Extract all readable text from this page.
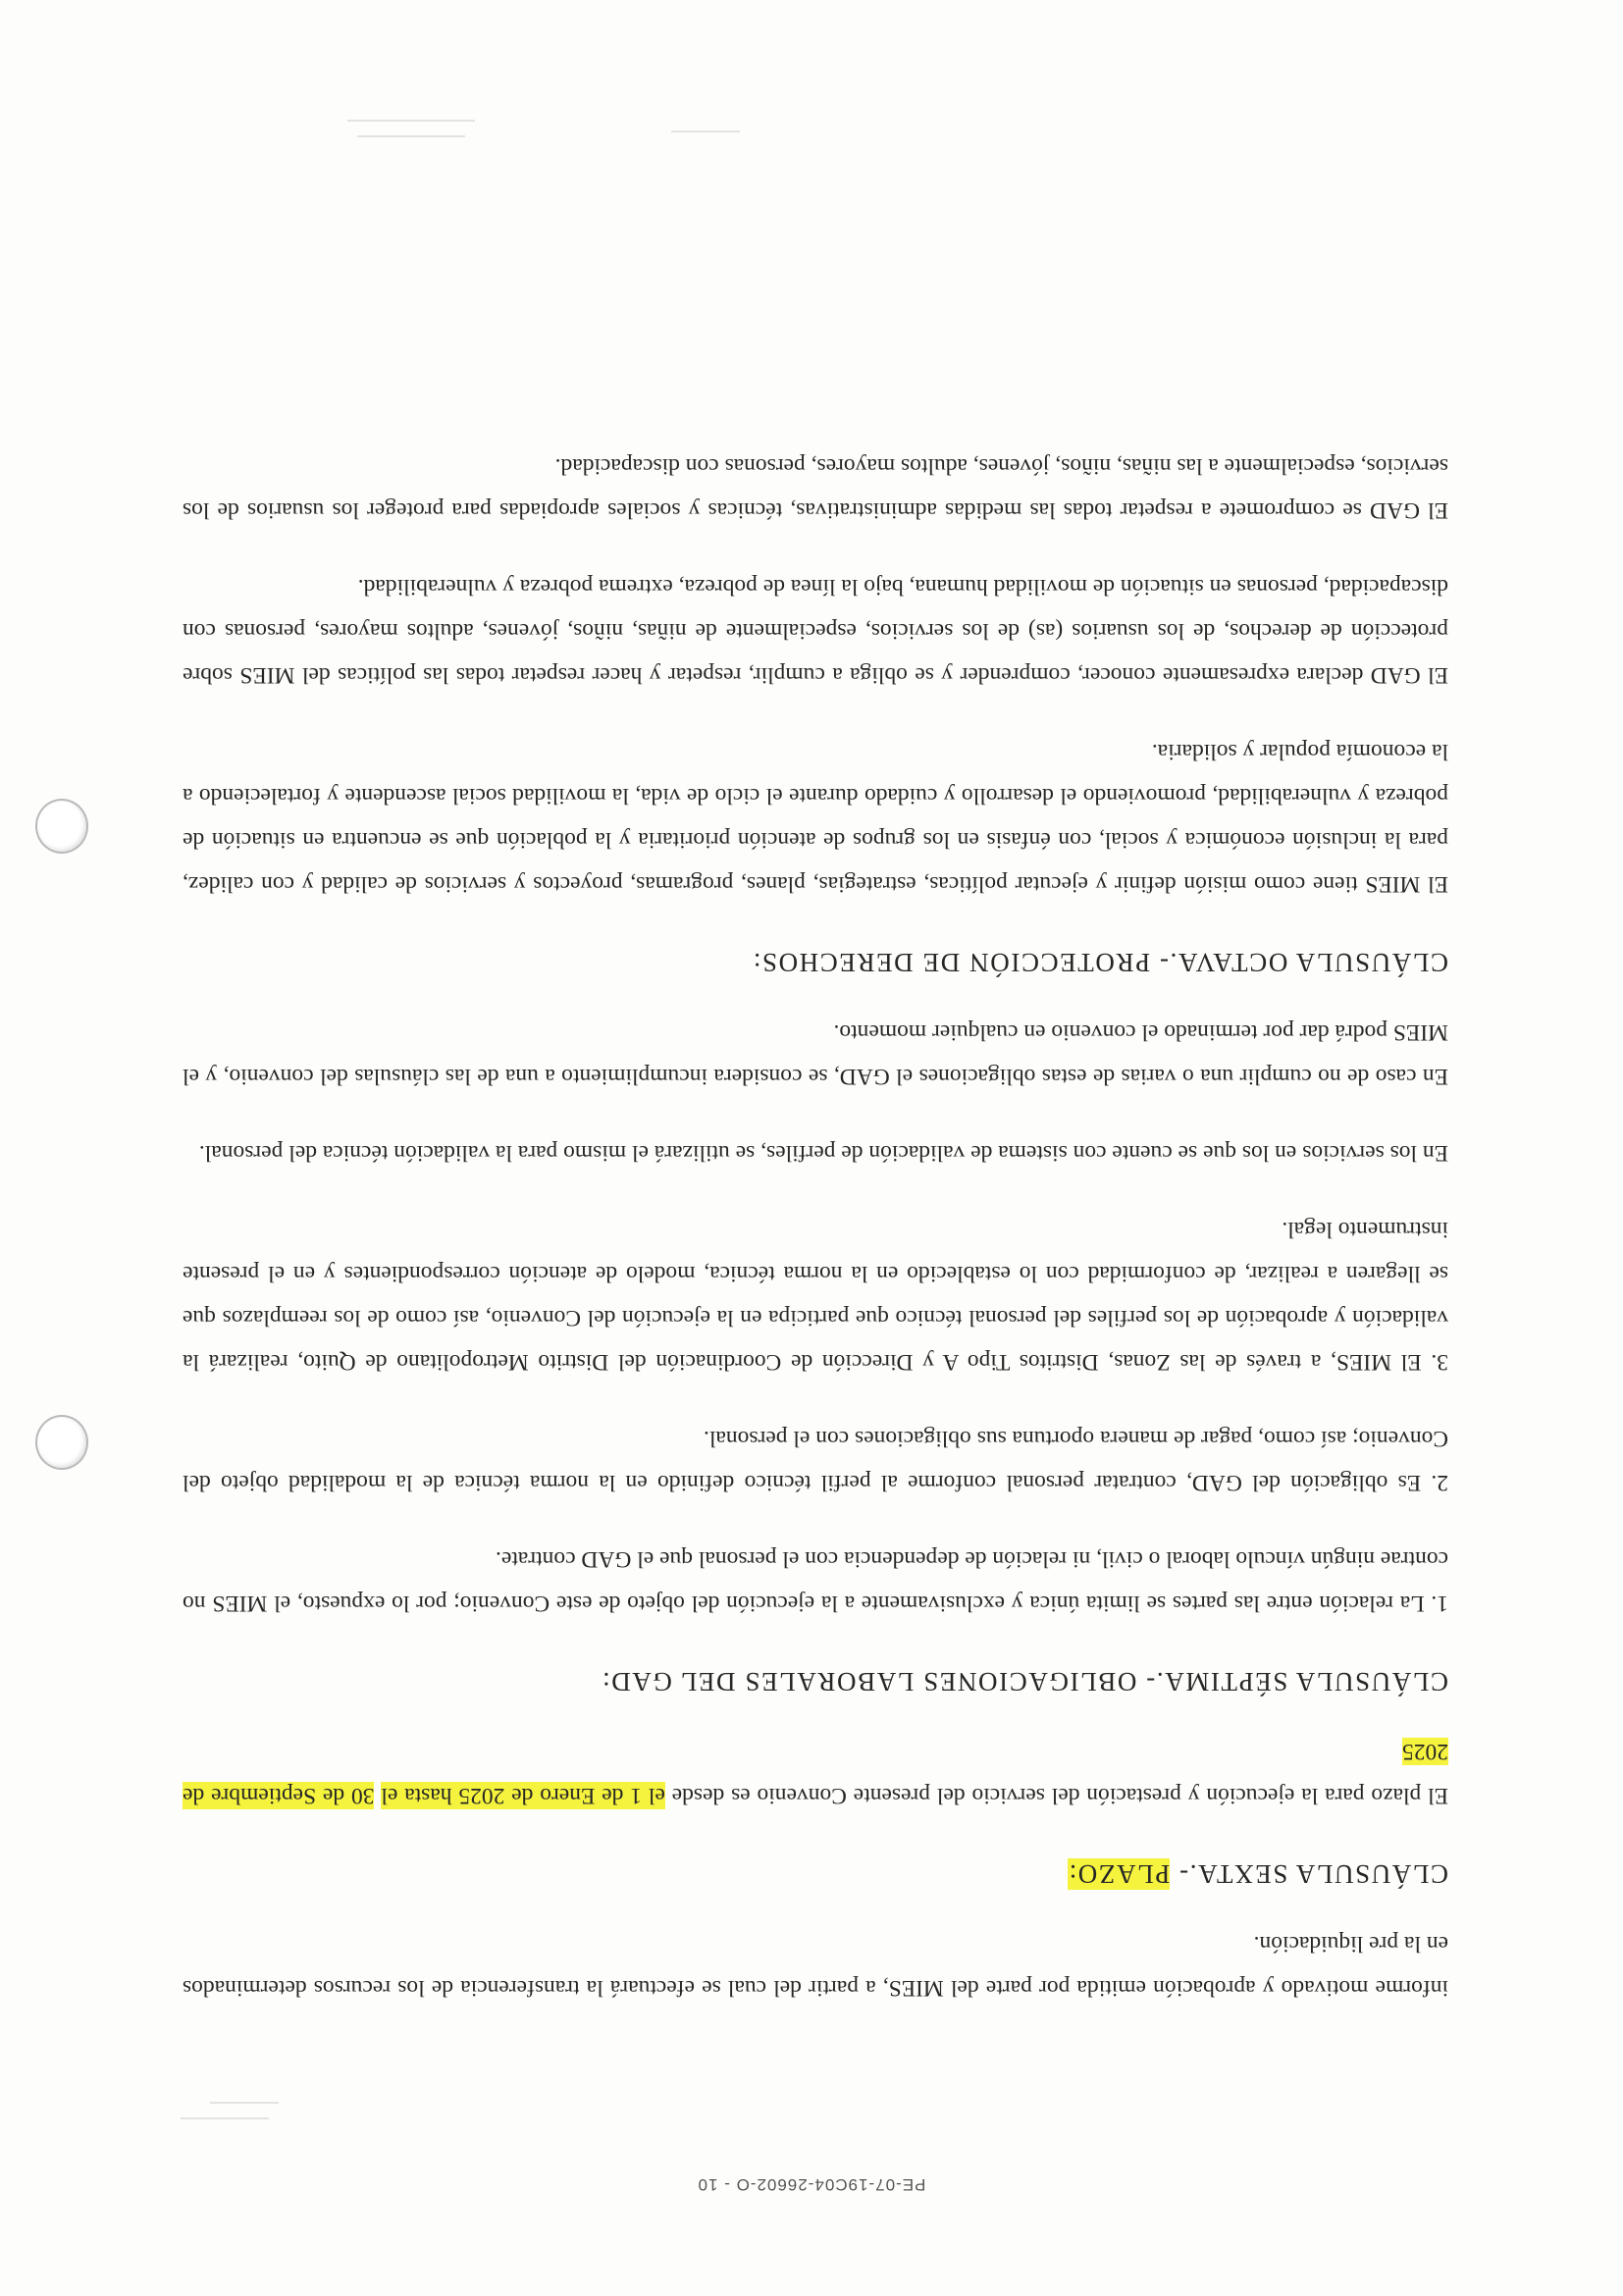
PE-07-19C04-26602-O - 10

informe motivado y aprobación emitida por parte del MIES, a partir del cual se efectuará la transferencia de los recursos determinados en la pre liquidación.

CLÁUSULA SEXTA.- PLAZO:

El plazo para la ejecución y prestación del servicio del presente Convenio es desde el 1 de Enero de 2025 hasta el 30 de Septiembre de 2025

CLÁUSULA SÉPTIMA.- OBLIGACIONES LABORALES DEL GAD:

1. La relación entre las partes se limita única y exclusivamente a la ejecución del objeto de este Convenio; por lo expuesto, el MIES no contrae ningún vínculo laboral o civil, ni relación de dependencia con el personal que el GAD contrate.

2. Es obligación del GAD, contratar personal conforme al perfil técnico definido en la norma técnica de la modalidad objeto del Convenio; así como, pagar de manera oportuna sus obligaciones con el personal.

3. El MIES, a través de las Zonas, Distritos Tipo A y Dirección de Coordinación del Distrito Metropolitano de Quito, realizará la validación y aprobación de los perfiles del personal técnico que participa en la ejecución del Convenio, así como de los reemplazos que se llegaren a realizar, de conformidad con lo establecido en la norma técnica, modelo de atención correspondientes y en el presente instrumento legal.

En los servicios en los que se cuente con sistema de validación de perfiles, se utilizará el mismo para la validación técnica del personal.

En caso de no cumplir una o varias de estas obligaciones el GAD, se considera incumplimiento a una de las cláusulas del convenio, y el MIES podrá dar por terminado el convenio en cualquier momento.

CLÁUSULA OCTAVA.- PROTECCIÓN DE DERECHOS:

El MIES tiene como misión definir y ejecutar políticas, estrategias, planes, programas, proyectos y servicios de calidad y con calidez, para la inclusión económica y social, con énfasis en los grupos de atención prioritaria y la población que se encuentra en situación de pobreza y vulnerabilidad, promoviendo el desarrollo y cuidado durante el ciclo de vida, la movilidad social ascendente y fortaleciendo a la economía popular y solidaria.

El GAD declara expresamente conocer, comprender y se obliga a cumplir, respetar y hacer respetar todas las políticas del MIES sobre protección de derechos, de los usuarios (as) de los servicios, especialmente de niñas, niños, jóvenes, adultos mayores, personas con discapacidad, personas en situación de movilidad humana, bajo la línea de pobreza, extrema pobreza y vulnerabilidad.

El GAD se compromete a respetar todas las medidas administrativas, técnicas y sociales apropiadas para proteger los usuarios de los servicios, especialmente a las niñas, niños, jóvenes, adultos mayores, personas con discapacidad.
